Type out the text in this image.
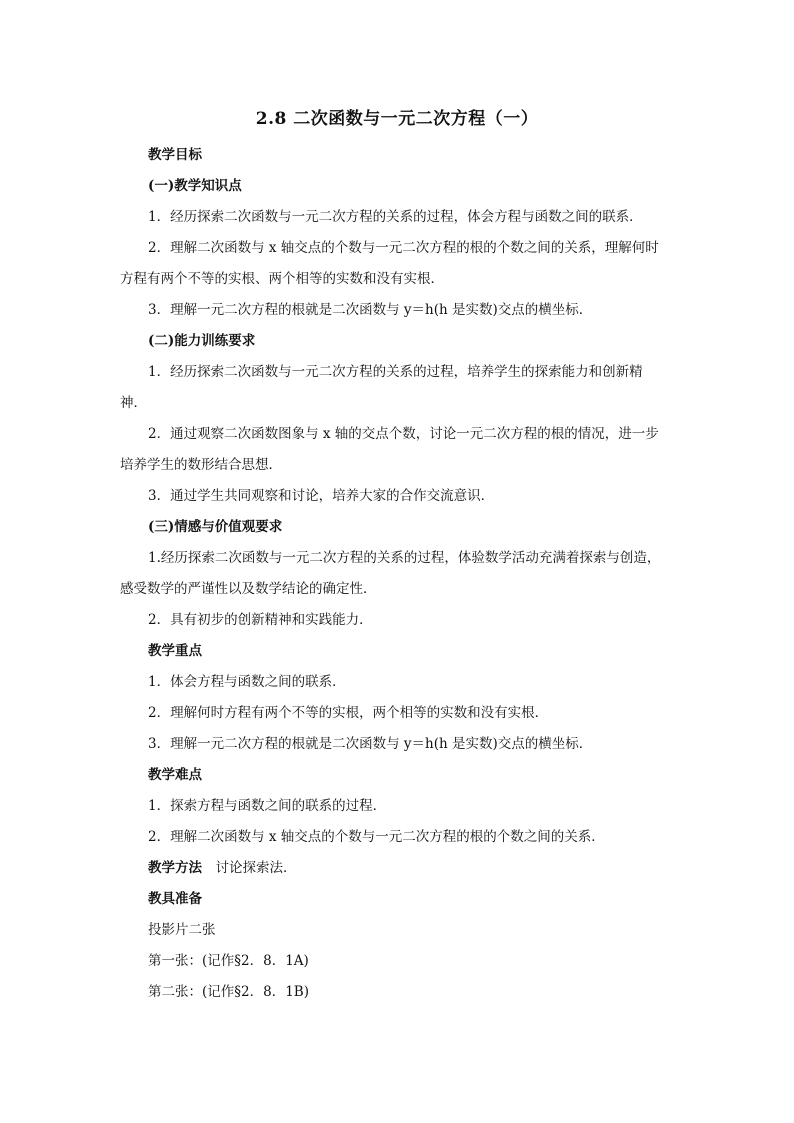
2.8 二次函数与一元二次方程（一）
教学目标
(一)教学知识点
1．经历探索二次函数与一元二次方程的关系的过程，体会方程与函数之间的联系．
2．理解二次函数与 x 轴交点的个数与一元二次方程的根的个数之间的关系，理解何时
方程有两个不等的实根、两个相等的实数和没有实根．
3．理解一元二次方程的根就是二次函数与 y＝h(h 是实数)交点的横坐标．
(二)能力训练要求
1．经历探索二次函数与一元二次方程的关系的过程，培养学生的探索能力和创新精
神．
2．通过观察二次函数图象与 x 轴的交点个数，讨论一元二次方程的根的情况，进一步
培养学生的数形结合思想．
3．通过学生共同观察和讨论，培养大家的合作交流意识．
(三)情感与价值观要求
1.经历探索二次函数与一元二次方程的关系的过程，体验数学活动充满着探索与创造，
感受数学的严谨性以及数学结论的确定性．
2．具有初步的创新精神和实践能力．
教学重点
1．体会方程与函数之间的联系．
2．理解何时方程有两个不等的实根，两个相等的实数和没有实根．
3．理解一元二次方程的根就是二次函数与 y＝h(h 是实数)交点的横坐标．
教学难点
1．探索方程与函数之间的联系的过程．
2．理解二次函数与 x 轴交点的个数与一元二次方程的根的个数之间的关系．
教学方法　讨论探索法．
教具准备
投影片二张
第一张：(记作§2．8．1A)
第二张：(记作§2．8．1B)
